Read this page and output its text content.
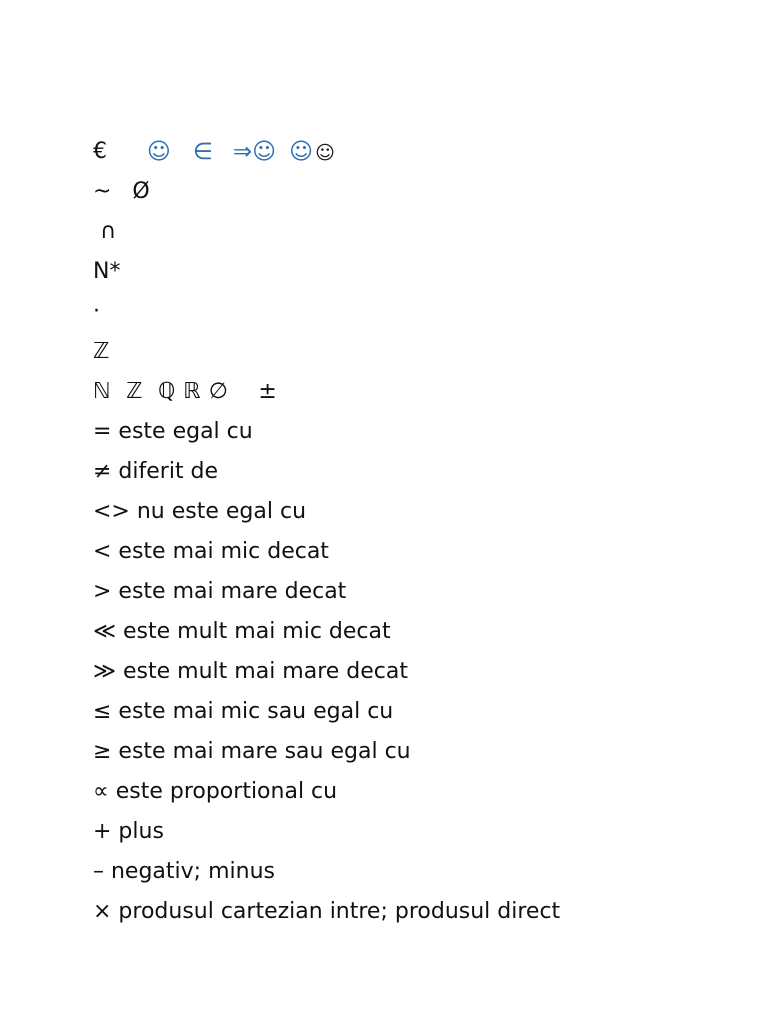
☺ ∈ ⇒☺ ☺ ☺

€
~   Ø
∩
N*
·
ℤ
ℕ  ℤ  ℚ ℝ ∅    ±
= este egal cu
≠ diferit de
<> nu este egal cu
< este mai mic decat
> este mai mare decat
≪ este mult mai mic decat
≫ este mult mai mare decat
≤ este mai mic sau egal cu
≥ este mai mare sau egal cu
∝ este proportional cu
+ plus
– negativ; minus
× produsul cartezian intre; produsul direct
